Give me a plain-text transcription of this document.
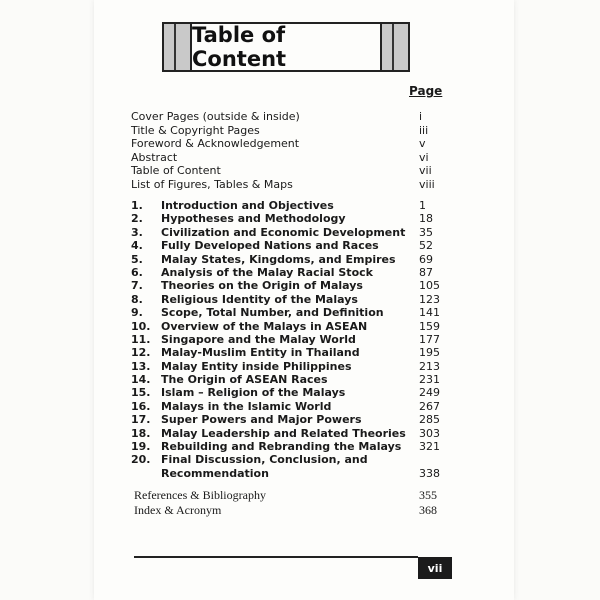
Table of Content
Page
Cover Pages (outside & inside)	i
Title & Copyright Pages	iii
Foreword & Acknowledgement	v
Abstract	vi
Table of Content	vii
List of Figures, Tables & Maps	viii
1. Introduction and Objectives	1
2. Hypotheses and Methodology	18
3. Civilization and Economic Development 35
4. Fully Developed Nations and Races	52
5. Malay States, Kingdoms, and Empires 69
6. Analysis of the Malay Racial Stock	87
7. Theories on the Origin of Malays	105
8. Religious Identity of the Malays	123
9. Scope, Total Number, and Definition	141
10. Overview of the Malays in ASEAN	159
11. Singapore and the Malay World	177
12. Malay-Muslim Entity in Thailand	195
13. Malay Entity inside Philippines	213
14. The Origin of ASEAN Races	231
15. Islam – Religion of the Malays	249
16. Malays in the Islamic World	267
17. Super Powers and Major Powers	285
18. Malay Leadership and Related Theories 303
19. Rebuilding and Rebranding the Malays 321
20. Final Discussion, Conclusion, and
Recommendation	338
References & Bibliography	355
Index & Acronym	368
vii
